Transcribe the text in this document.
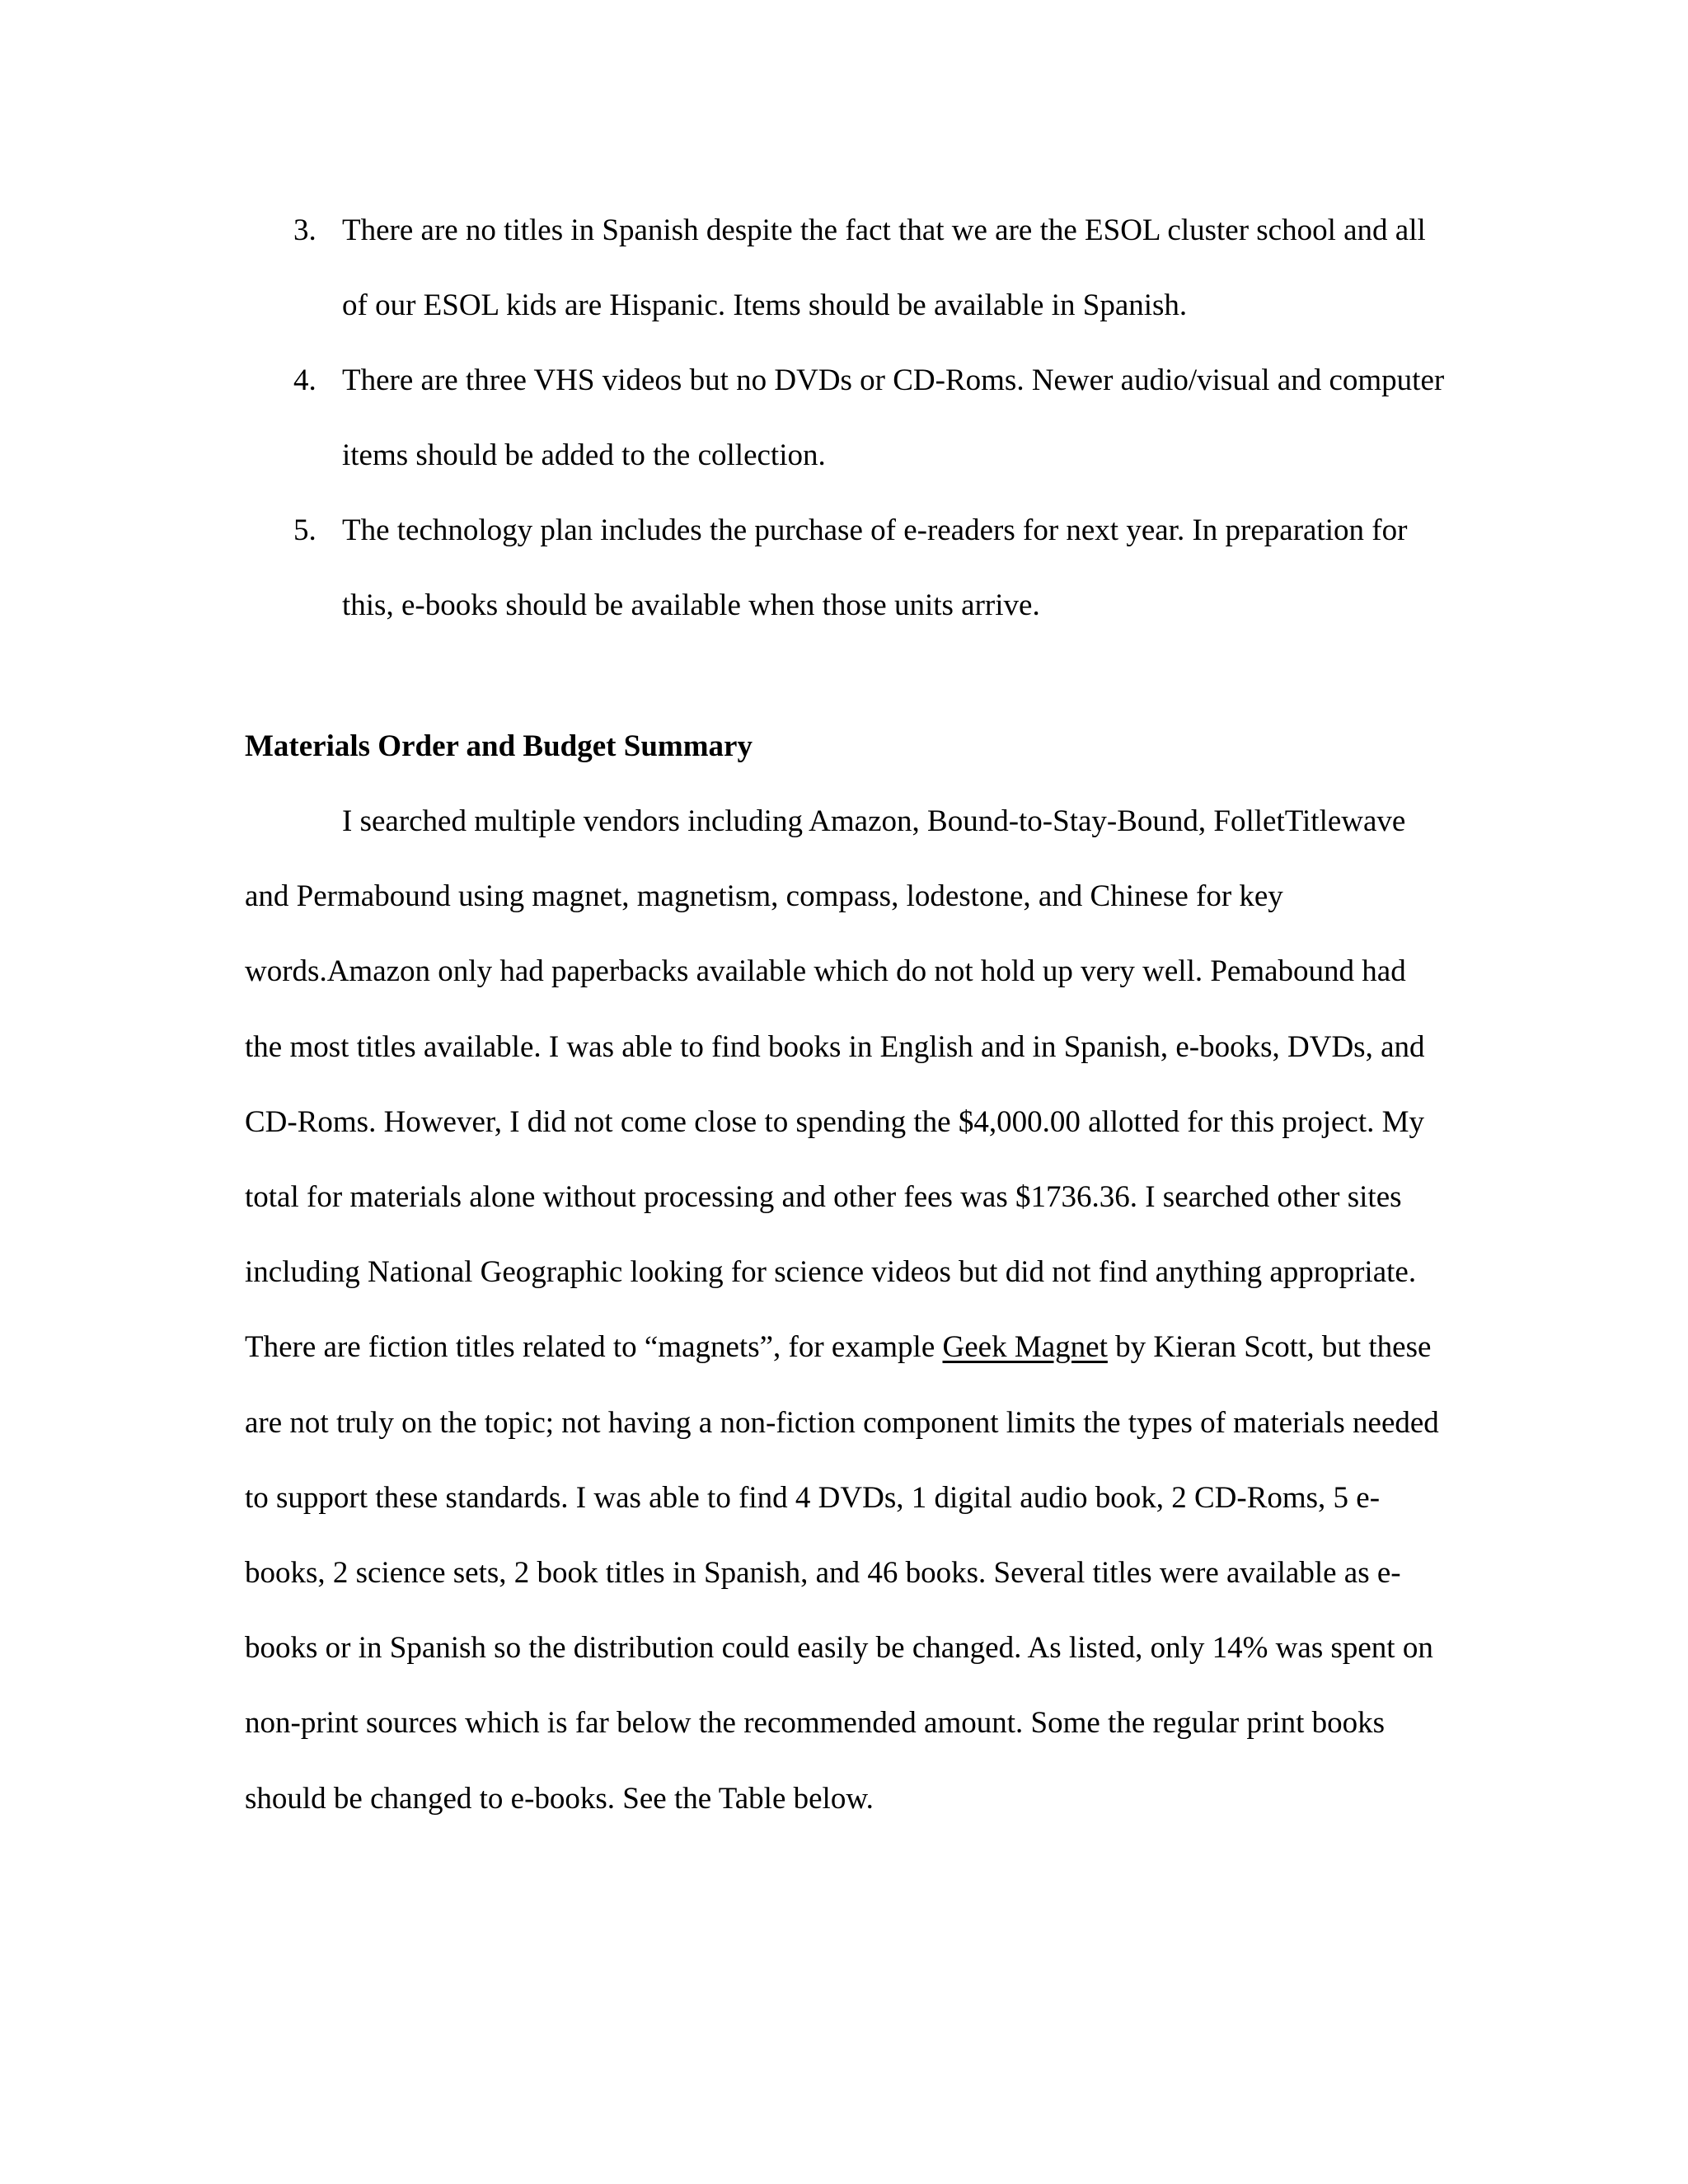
3. There are no titles in Spanish despite the fact that we are the ESOL cluster school and all of our ESOL kids are Hispanic. Items should be available in Spanish.
4. There are three VHS videos but no DVDs or CD-Roms. Newer audio/visual and computer items should be added to the collection.
5. The technology plan includes the purchase of e-readers for next year. In preparation for this, e-books should be available when those units arrive.
Materials Order and Budget Summary

I searched multiple vendors including Amazon, Bound-to-Stay-Bound, FolletTitlewave and Permabound using magnet, magnetism, compass, lodestone, and Chinese for key words.Amazon only had paperbacks available which do not hold up very well. Pemabound had the most titles available. I was able to find books in English and in Spanish, e-books, DVDs, and CD-Roms. However, I did not come close to spending the $4,000.00 allotted for this project. My total for materials alone without processing and other fees was $1736.36. I searched other sites including National Geographic looking for science videos but did not find anything appropriate. There are fiction titles related to “magnets”, for example Geek Magnet by Kieran Scott, but these are not truly on the topic; not having a non-fiction component limits the types of materials needed to support these standards. I was able to find 4 DVDs, 1 digital audio book, 2 CD-Roms, 5 e-books, 2 science sets, 2 book titles in Spanish, and 46 books. Several titles were available as e-books or in Spanish so the distribution could easily be changed. As listed, only 14% was spent on non-print sources which is far below the recommended amount. Some the regular print books should be changed to e-books. See the Table below.
